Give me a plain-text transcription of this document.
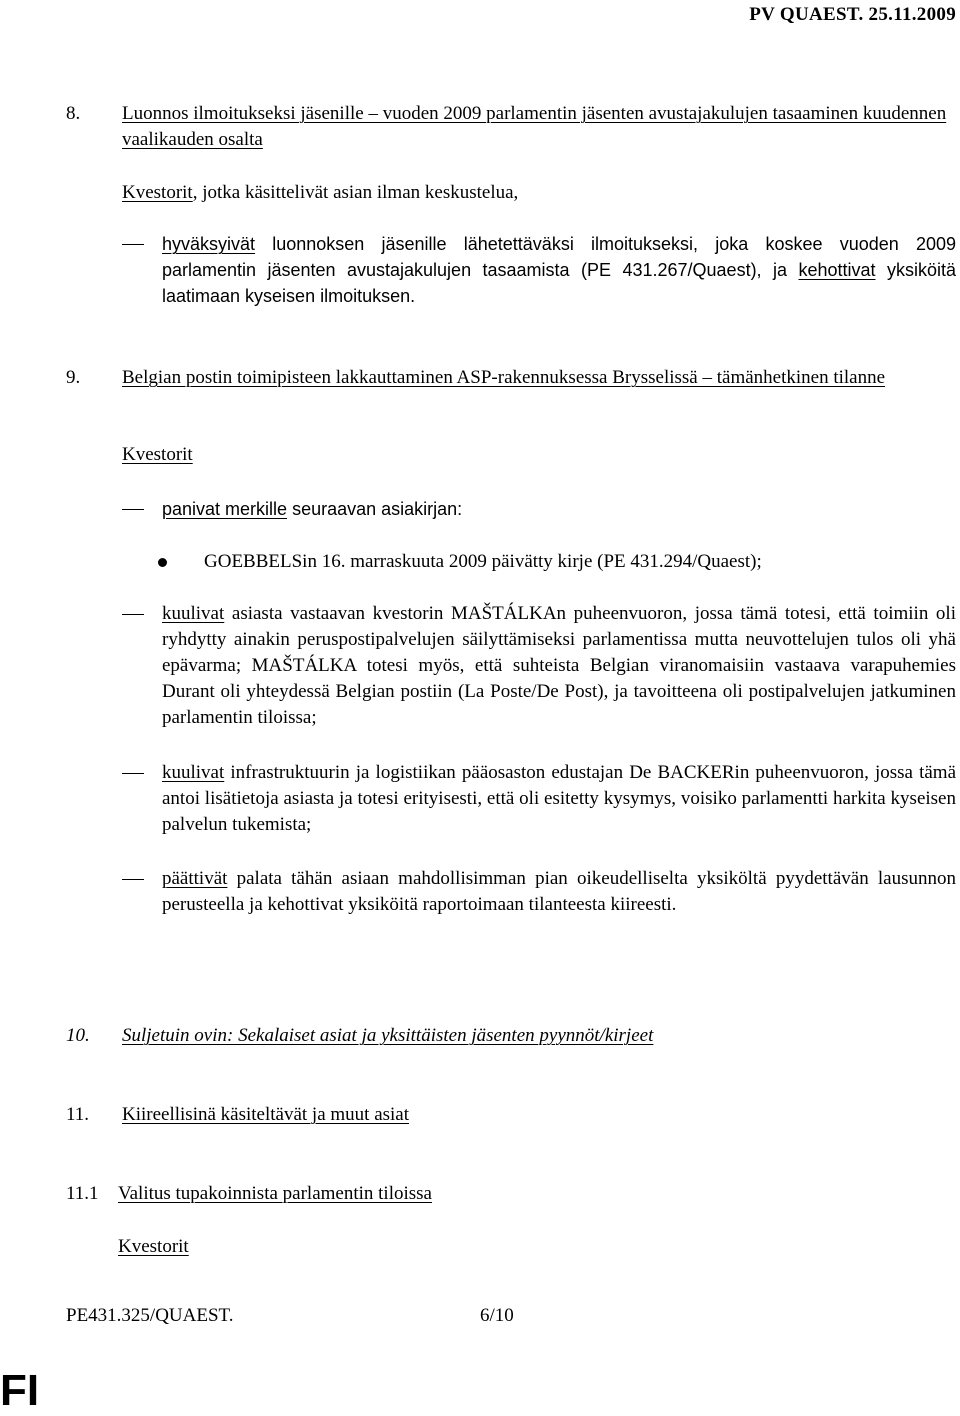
PV QUAEST. 25.11.2009
8. Luonnos ilmoitukseksi jäsenille – vuoden 2009 parlamentin jäsenten avustajakulujen tasaaminen kuudennen vaalikauden osalta
Kvestorit, jotka käsittelivät asian ilman keskustelua,
hyväksyivät luonnoksen jäsenille lähetettäväksi ilmoitukseksi, joka koskee vuoden 2009 parlamentin jäsenten avustajakulujen tasaamista (PE 431.267/Quaest), ja kehottivat yksiköitä laatimaan kyseisen ilmoituksen.
9. Belgian postin toimipisteen lakkauttaminen ASP-rakennuksessa Brysselissä – tämänhetkinen tilanne
Kvestorit
panivat merkille seuraavan asiakirjan:
GOEBBELSin 16. marraskuuta 2009 päivätty kirje (PE 431.294/Quaest);
kuulivat asiasta vastaavan kvestorin MAŠTÁLKAn puheenvuoron, jossa tämä totesi, että toimiin oli ryhdytty ainakin peruspostipalvelujen säilyttämiseksi parlamentissa mutta neuvottelujen tulos oli yhä epävarma; MAŠTÁLKA totesi myös, että suhteista Belgian viranomaisiin vastaava varapuhemies Durant oli yhteydessä Belgian postiin (La Poste/De Post), ja tavoitteena oli postipalvelujen jatkuminen parlamentin tiloissa;
kuulivat infrastruktuurin ja logistiikan pääosaston edustajan De BACKERin puheenvuoron, jossa tämä antoi lisätietoja asiasta ja totesi erityisesti, että oli esitetty kysymys, voisiko parlamentti harkita kyseisen palvelun tukemista;
päättivät palata tähän asiaan mahdollisimman pian oikeudelliselta yksiköltä pyydettävän lausunnon perusteella ja kehottivat yksiköitä raportoimaan tilanteesta kiireesti.
10. Suljetuin ovin: Sekalaiset asiat ja yksittäisten jäsenten pyynnöt/kirjeet
11. Kiireellisinä käsiteltävät ja muut asiat
11.1 Valitus tupakoinnista parlamentin tiloissa
Kvestorit
PE431.325/QUAEST.	6/10
FI
